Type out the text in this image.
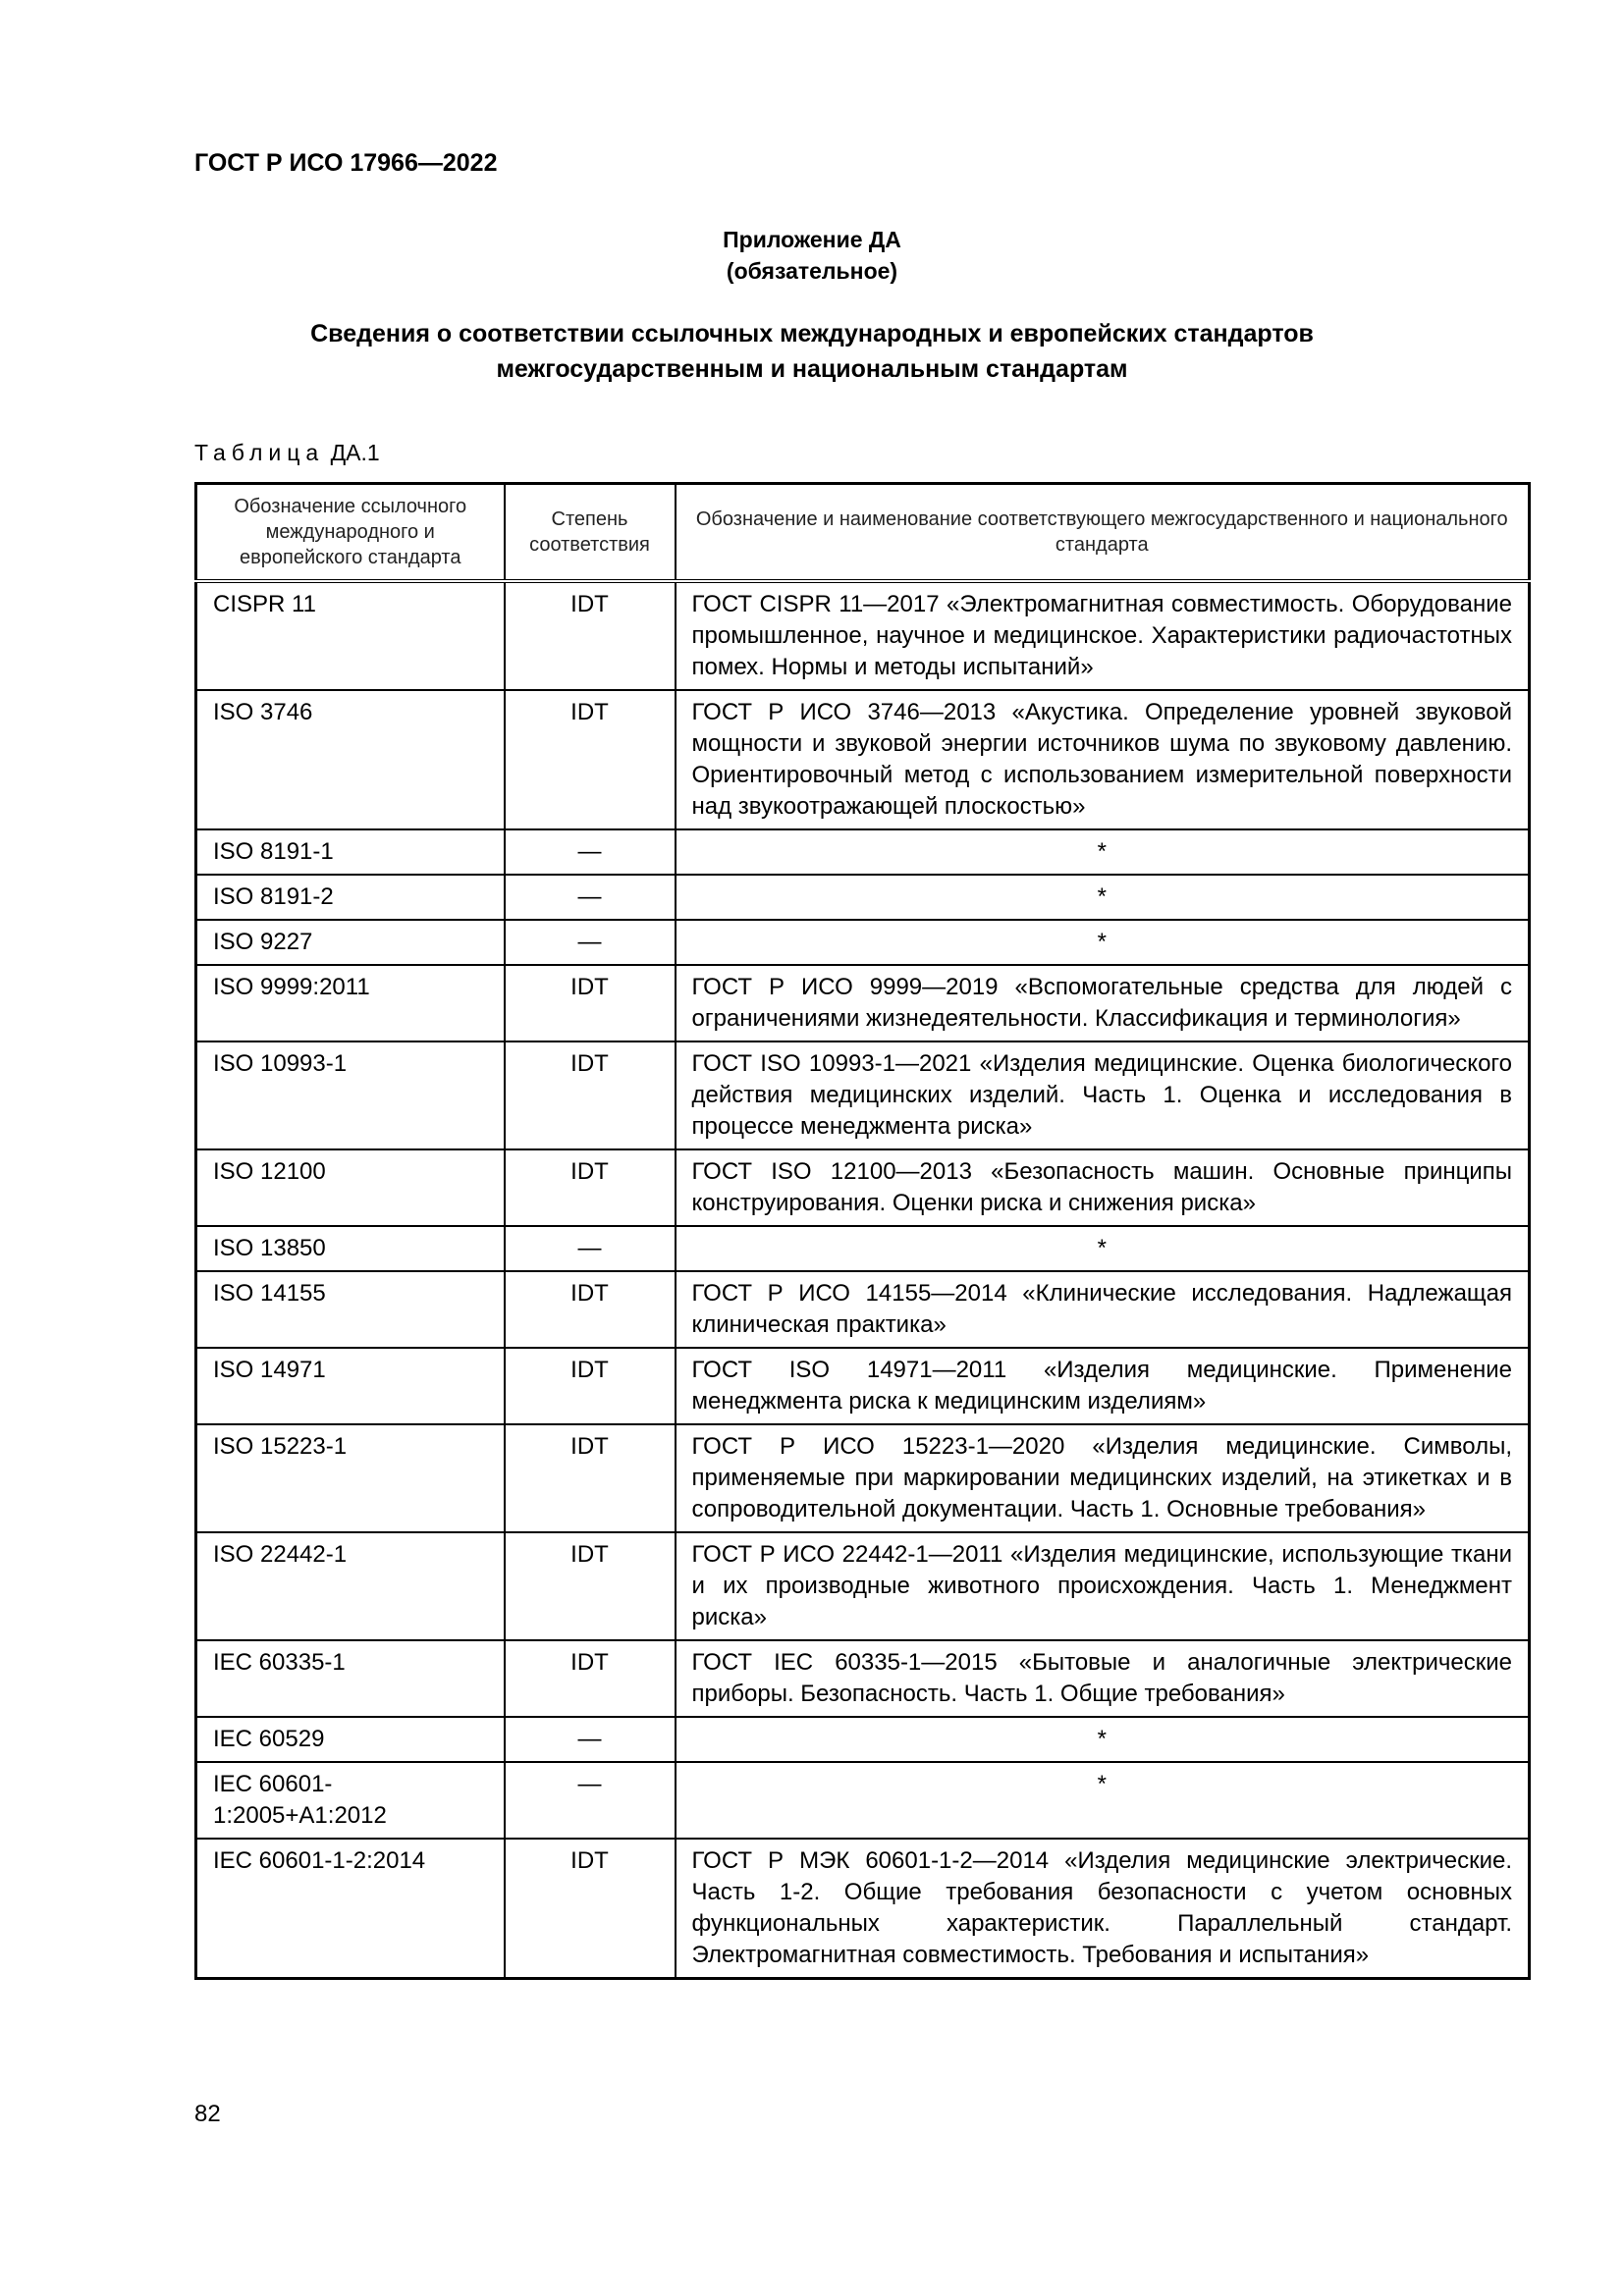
ГОСТ Р ИСО 17966—2022
Приложение ДА
(обязательное)
Сведения о соответствии ссылочных международных и европейских стандартов
межгосударственным и национальным стандартам
Таблица ДА.1
Обозначение ссылочного международного и европейского стандарта	Степень соответствия	Обозначение и наименование соответствующего межгосударственного и национального стандарта
CISPR 11	IDT	ГОСТ CISPR 11—2017 «Электромагнитная совместимость. Оборудование промышленное, научное и медицинское. Характеристики радиочастотных помех. Нормы и методы испытаний»
ISO 3746	IDT	ГОСТ Р ИСО 3746—2013 «Акустика. Определение уровней звуковой мощности и звуковой энергии источников шума по звуковому давлению. Ориентировочный метод с использованием измерительной поверхности над звукоотражающей плоскостью»
ISO 8191-1	—	*
ISO 8191-2	—	*
ISO 9227	—	*
ISO 9999:2011	IDT	ГОСТ Р ИСО 9999—2019 «Вспомогательные средства для людей с ограничениями жизнедеятельности. Классификация и терминология»
ISO 10993-1	IDT	ГОСТ ISO 10993-1—2021 «Изделия медицинские. Оценка биологического действия медицинских изделий. Часть 1. Оценка и исследования в процессе менеджмента риска»
ISO 12100	IDT	ГОСТ ISO 12100—2013 «Безопасность машин. Основные принципы конструирования. Оценки риска и снижения риска»
ISO 13850	—	*
ISO 14155	IDT	ГОСТ Р ИСО 14155—2014 «Клинические исследования. Надлежащая клиническая практика»
ISO 14971	IDT	ГОСТ ISO 14971—2011 «Изделия медицинские. Применение менеджмента риска к медицинским изделиям»
ISO 15223-1	IDT	ГОСТ Р ИСО 15223-1—2020 «Изделия медицинские. Символы, применяемые при маркировании медицинских изделий, на этикетках и в сопроводительной документации. Часть 1. Основные требования»
ISO 22442-1	IDT	ГОСТ Р ИСО 22442-1—2011 «Изделия медицинские, использующие ткани и их производные животного происхождения. Часть 1. Менеджмент риска»
IEC 60335-1	IDT	ГОСТ IEC 60335-1—2015 «Бытовые и аналогичные электрические приборы. Безопасность. Часть 1. Общие требования»
IEC 60529	—	*
IEC 60601-1:2005+A1:2012	—	*
IEC 60601-1-2:2014	IDT	ГОСТ Р МЭК 60601-1-2—2014 «Изделия медицинские электрические. Часть 1-2. Общие требования безопасности с учетом основных функциональных характеристик. Параллельный стандарт. Электромагнитная совместимость. Требования и испытания»
82
